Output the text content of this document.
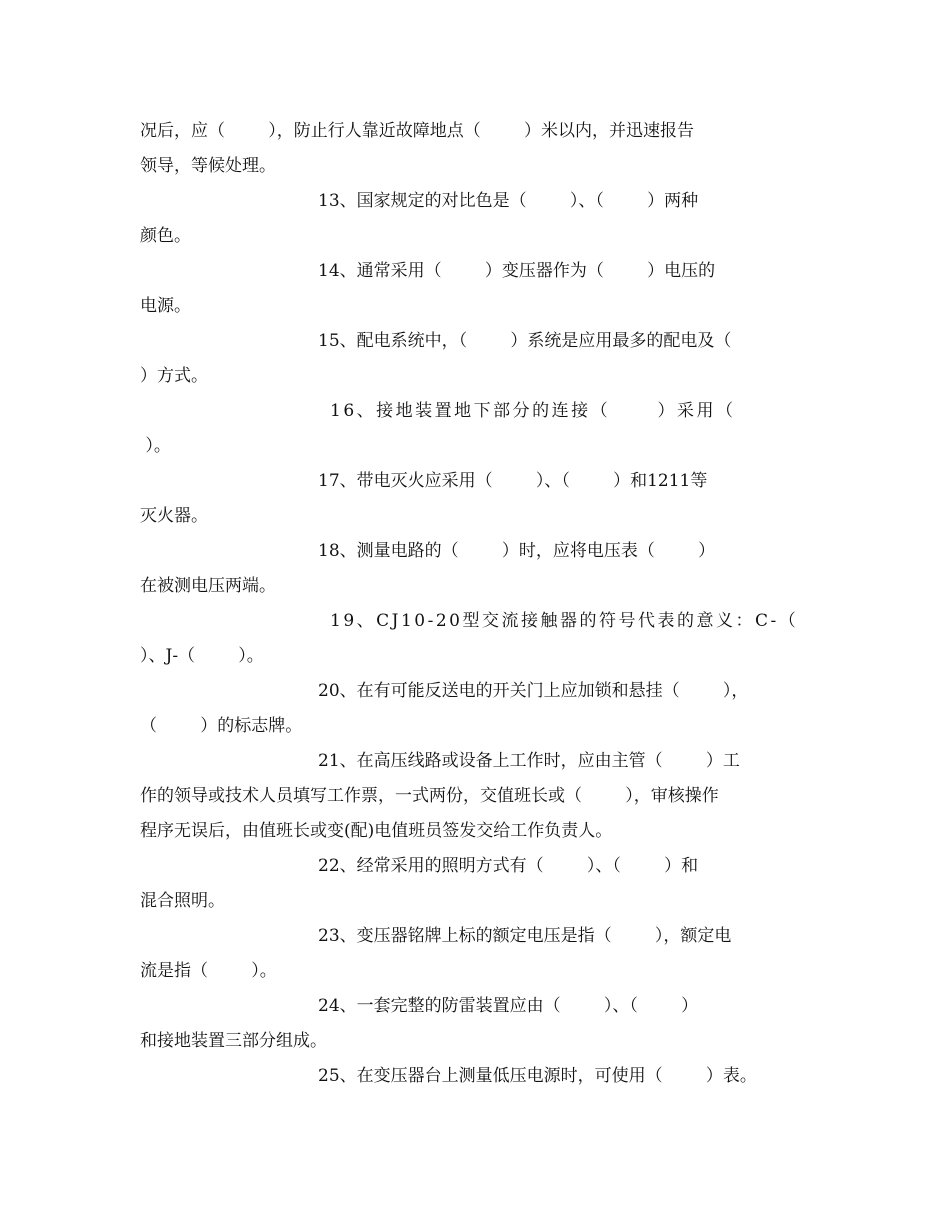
况后，应（        ），防止行人靠近故障地点（        ）米以内，并迅速报告
领导，等候处理。
13、国家规定的对比色是（        ）、（        ）两种
颜色。
14、通常采用（        ）变压器作为（        ）电压的
电源。
15、配电系统中，（        ）系统是应用最多的配电及（
）方式。
16、接地装置地下部分的连接（      ）采用（
）。
17、带电灭火应采用（        ）、（        ）和1211等
灭火器。
18、测量电路的（        ）时，应将电压表（        ）
在被测电压两端。
19、CJ10-20型交流接触器的符号代表的意义：C-（
）、J-（        ）。
20、在有可能反送电的开关门上应加锁和悬挂（        ），
（        ）的标志牌。
21、在高压线路或设备上工作时，应由主管（        ）工
作的领导或技术人员填写工作票，一式两份，交值班长或（        ），审核操作
程序无误后，由值班长或变(配)电值班员签发交给工作负责人。
22、经常采用的照明方式有（        ）、（        ）和
混合照明。
23、变压器铭牌上标的额定电压是指（        ），额定电
流是指（        ）。
24、一套完整的防雷装置应由（        ）、（        ）
和接地装置三部分组成。
25、在变压器台上测量低压电源时，可使用（        ）表。
